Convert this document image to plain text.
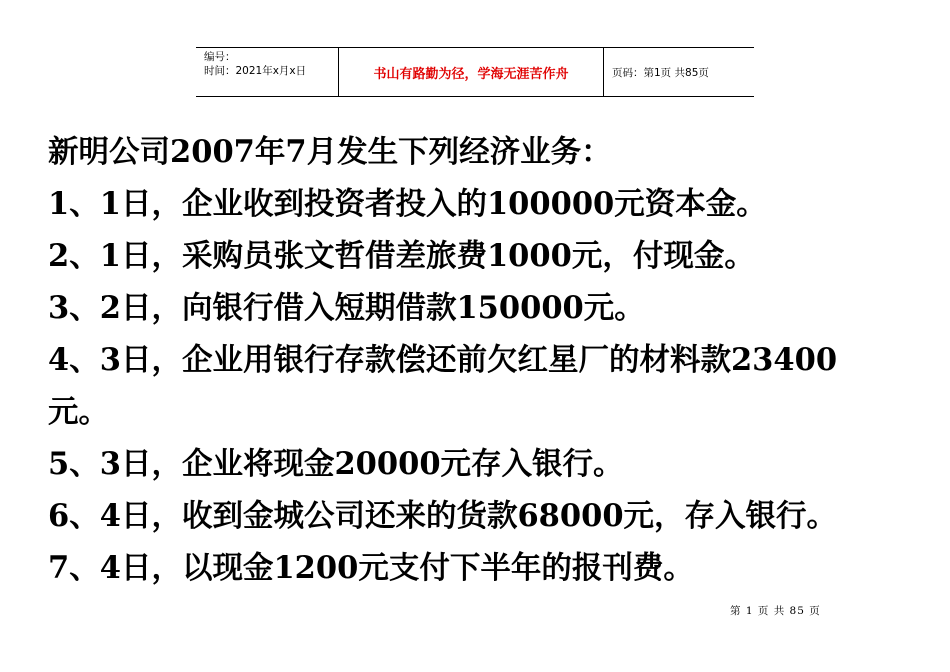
编号：
时间：2021年x月x日	书山有路勤为径，学海无涯苦作舟	页码：第1页 共85页
新明公司2007年7月发生下列经济业务：
1、1日，企业收到投资者投入的100000元资本金。
2、1日，采购员张文哲借差旅费1000元，付现金。
3、2日，向银行借入短期借款150000元。
4、3日，企业用银行存款偿还前欠红星厂的材料款23400
元。
5、3日，企业将现金20000元存入银行。
6、4日，收到金城公司还来的货款68000元，存入银行。
7、4日，以现金1200元支付下半年的报刊费。
第 1 页 共 85 页
